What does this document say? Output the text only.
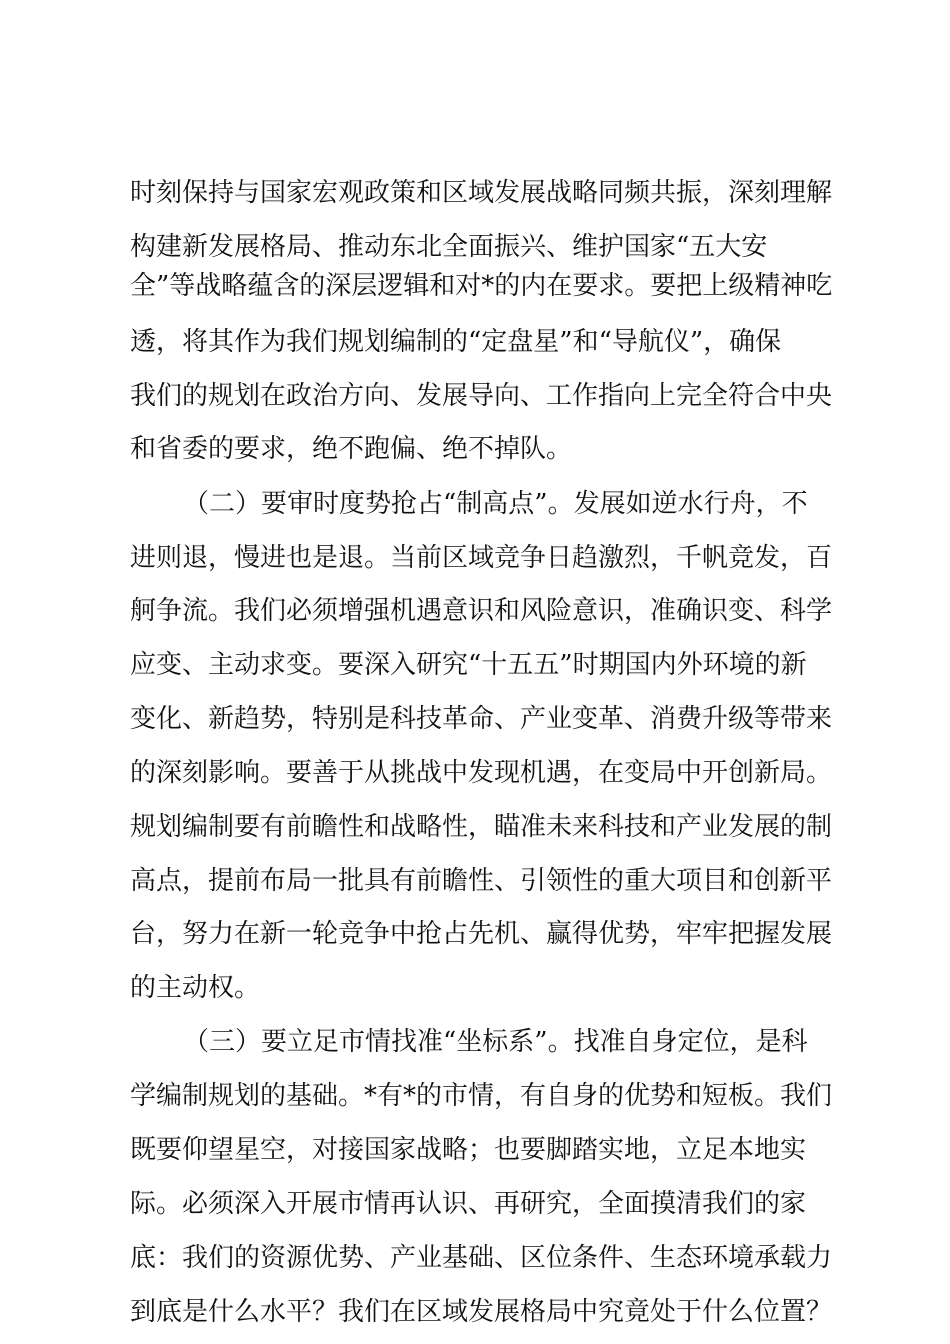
时刻保持与国家宏观政策和区域发展战略同频共振，深刻理解
构建新发展格局、推动东北全面振兴、维护国家“五大安
全”等战略蕴含的深层逻辑和对*的内在要求。要把上级精神吃
透，将其作为我们规划编制的“定盘星”和“导航仪”，确保
我们的规划在政治方向、发展导向、工作指向上完全符合中央
和省委的要求，绝不跑偏、绝不掉队。
（二）要审时度势抢占“制高点”。发展如逆水行舟，不
进则退，慢进也是退。当前区域竞争日趋激烈，千帆竞发，百
舸争流。我们必须增强机遇意识和风险意识，准确识变、科学
应变、主动求变。要深入研究“十五五”时期国内外环境的新
变化、新趋势，特别是科技革命、产业变革、消费升级等带来
的深刻影响。要善于从挑战中发现机遇，在变局中开创新局。
规划编制要有前瞻性和战略性，瞄准未来科技和产业发展的制
高点，提前布局一批具有前瞻性、引领性的重大项目和创新平
台，努力在新一轮竞争中抢占先机、赢得优势，牢牢把握发展
的主动权。
（三）要立足市情找准“坐标系”。找准自身定位，是科
学编制规划的基础。*有*的市情，有自身的优势和短板。我们
既要仰望星空，对接国家战略；也要脚踏实地，立足本地实
际。必须深入开展市情再认识、再研究，全面摸清我们的家
底：我们的资源优势、产业基础、区位条件、生态环境承载力
到底是什么水平？我们在区域发展格局中究竟处于什么位置？
